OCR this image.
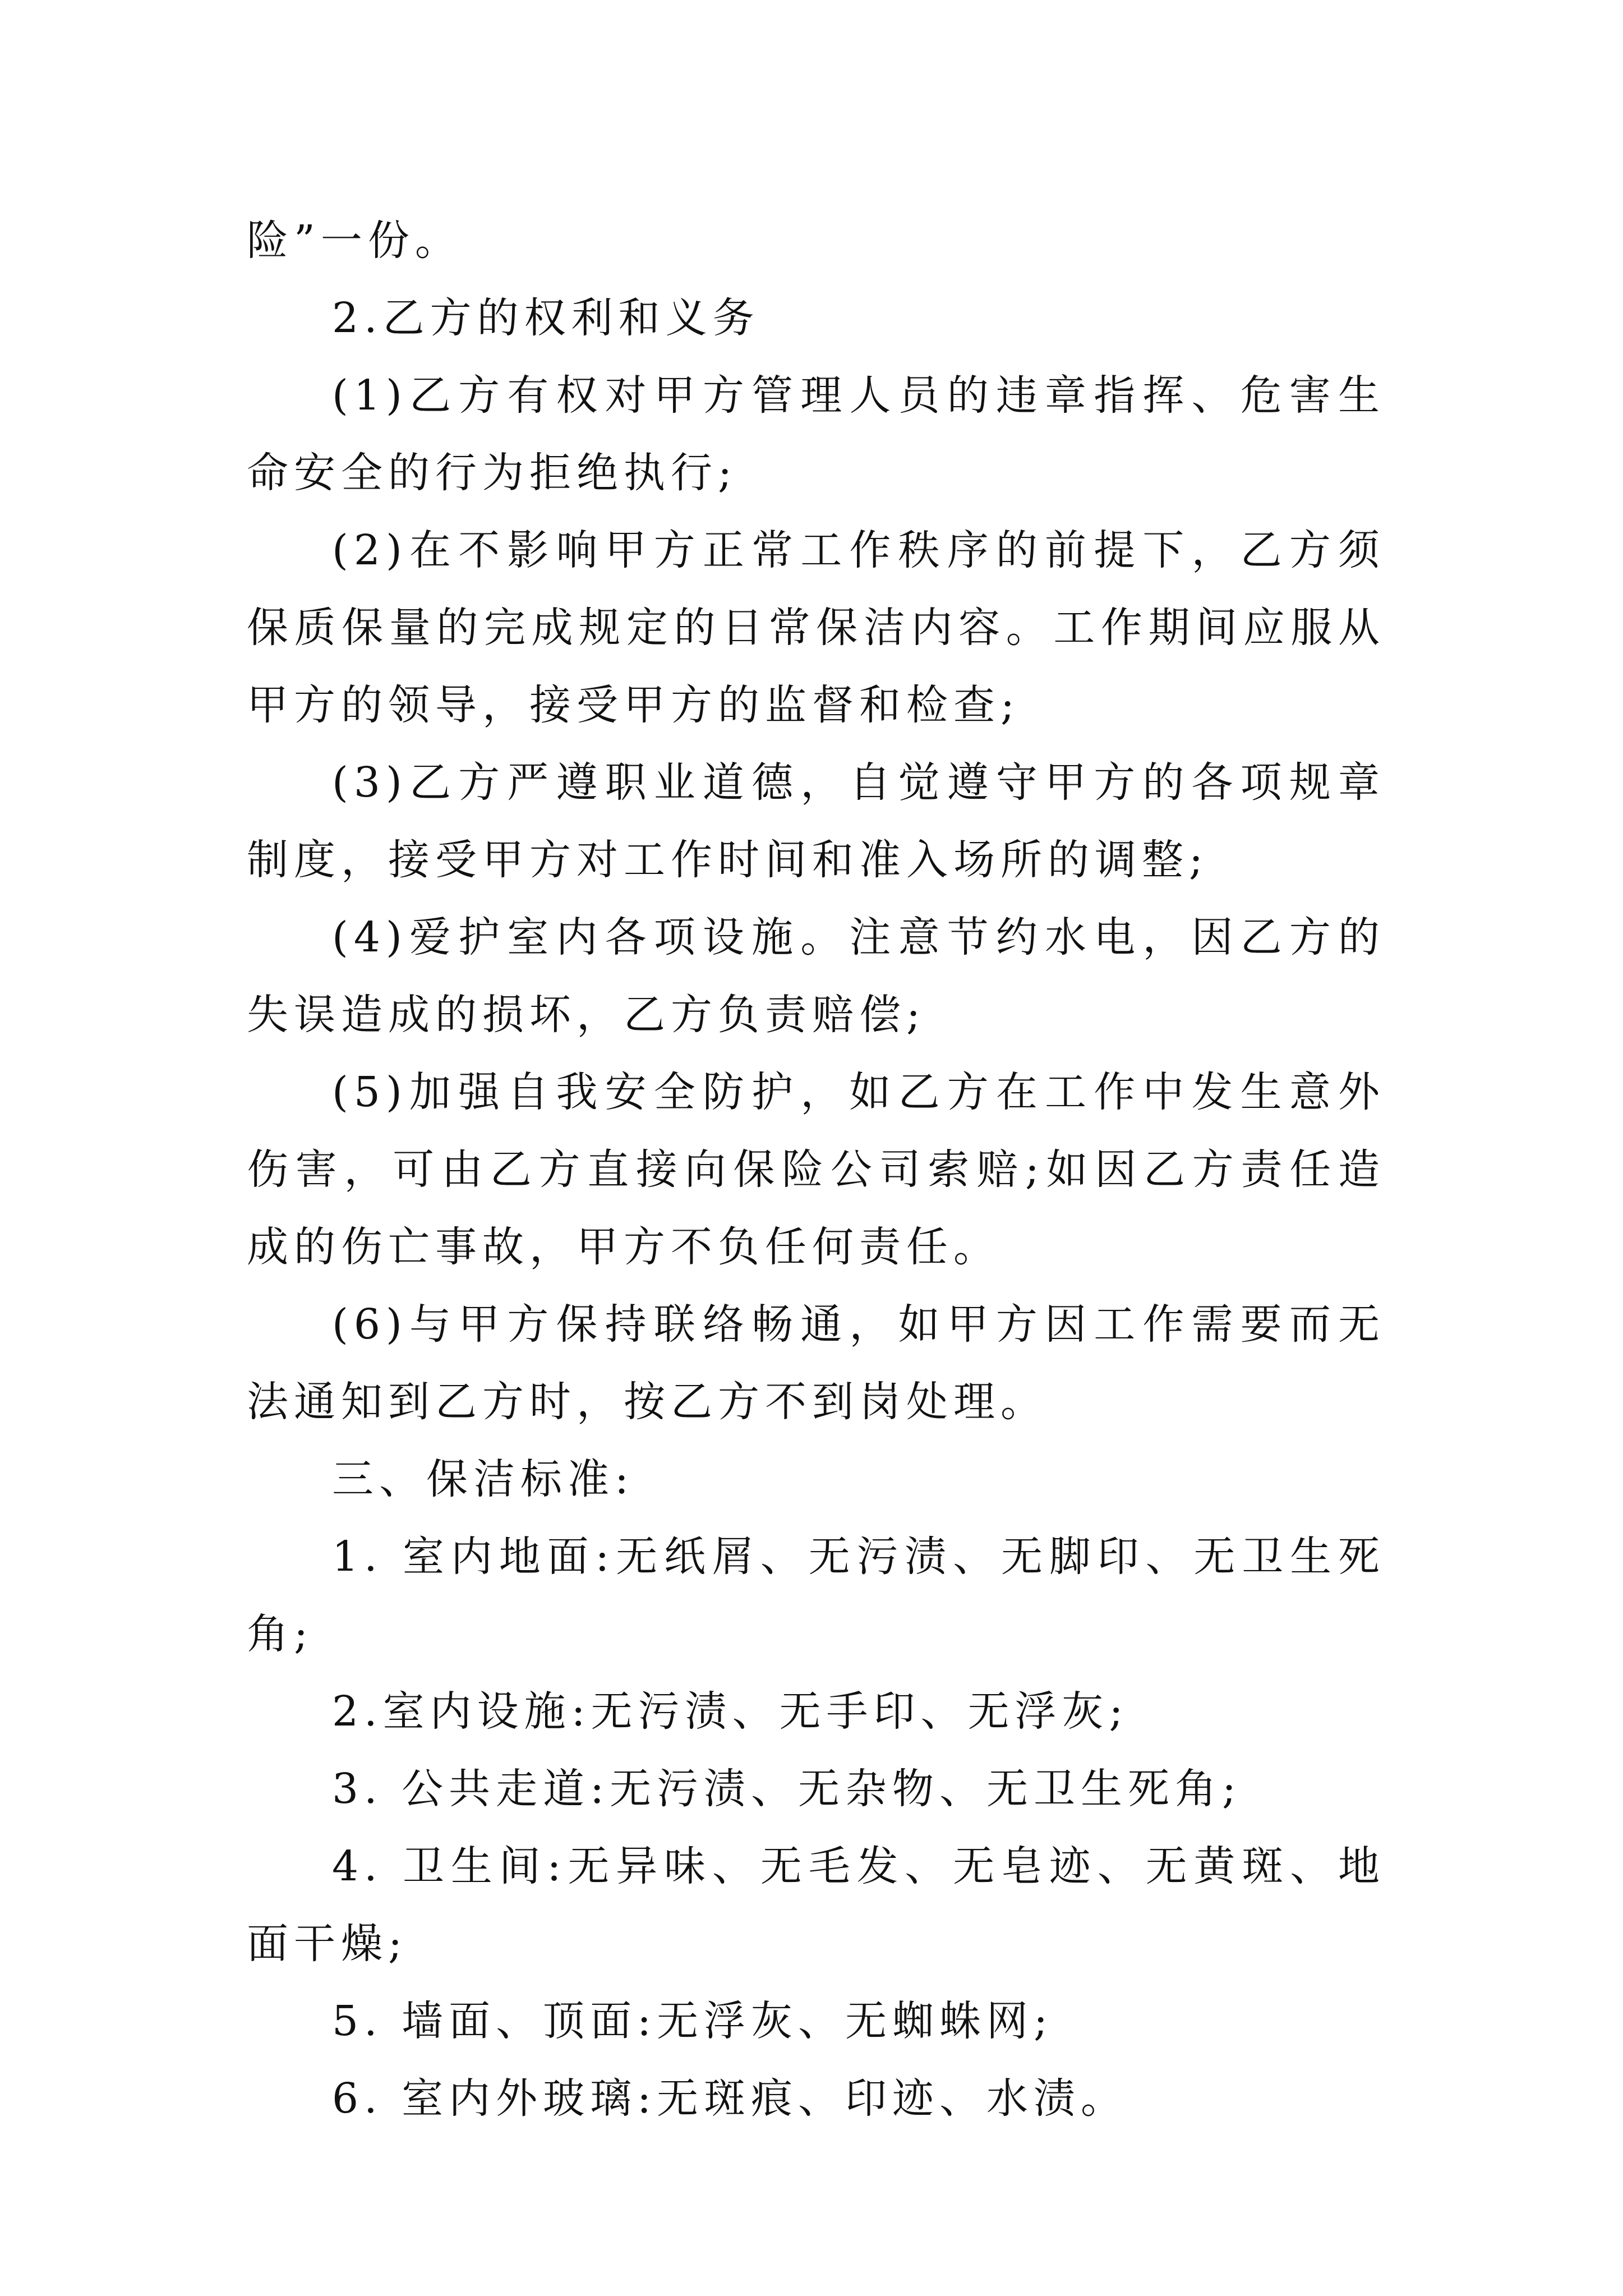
险”一份。

2.乙方的权利和义务

(1)乙方有权对甲方管理人员的违章指挥、危害生命安全的行为拒绝执行;

(2)在不影响甲方正常工作秩序的前提下，乙方须保质保量的完成规定的日常保洁内容。工作期间应服从甲方的领导，接受甲方的监督和检查;

(3)乙方严遵职业道德，自觉遵守甲方的各项规章制度，接受甲方对工作时间和准入场所的调整;

(4)爱护室内各项设施。注意节约水电，因乙方的失误造成的损坏，乙方负责赔偿;

(5)加强自我安全防护，如乙方在工作中发生意外伤害，可由乙方直接向保险公司索赔;如因乙方责任造成的伤亡事故，甲方不负任何责任。

(6)与甲方保持联络畅通，如甲方因工作需要而无法通知到乙方时，按乙方不到岗处理。

三、保洁标准:

1. 室内地面:无纸屑、无污渍、无脚印、无卫生死角;

2.室内设施:无污渍、无手印、无浮灰;

3. 公共走道:无污渍、无杂物、无卫生死角;

4. 卫生间:无异味、无毛发、无皂迹、无黄斑、地面干燥;

5. 墙面、顶面:无浮灰、无蜘蛛网;

6. 室内外玻璃:无斑痕、印迹、水渍。
